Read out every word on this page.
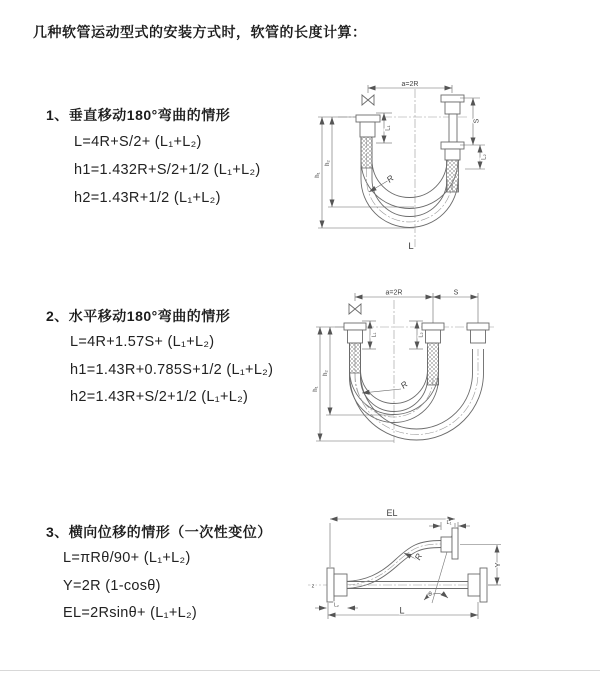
几种软管运动型式的安装方式时，软管的长度计算：
1、垂直移动180°弯曲的情形
L=4R+S/2+ (L₁+L₂)
h1=1.432R+S/2+1/2 (L₁+L₂)
h2=1.43R+1/2 (L₁+L₂)
2、水平移动180°弯曲的情形
L=4R+1.57S+ (L₁+L₂)
h1=1.43R+0.785S+1/2 (L₁+L₂)
h2=1.43R+S/2+1/2 (L₁+L₂)
3、横向位移的情形（一次性变位）
L=πRθ/90+ (L₁+L₂)
Y=2R (1-cosθ)
EL=2Rsinθ+ (L₁+L₂)
a=2R
S
L₂
L₁
h₂
h₁	R
L
a=2R	S
L₁	L₂
h₂
h₁	R
EL
L₁
Y
R
θ
L
L₂
z
